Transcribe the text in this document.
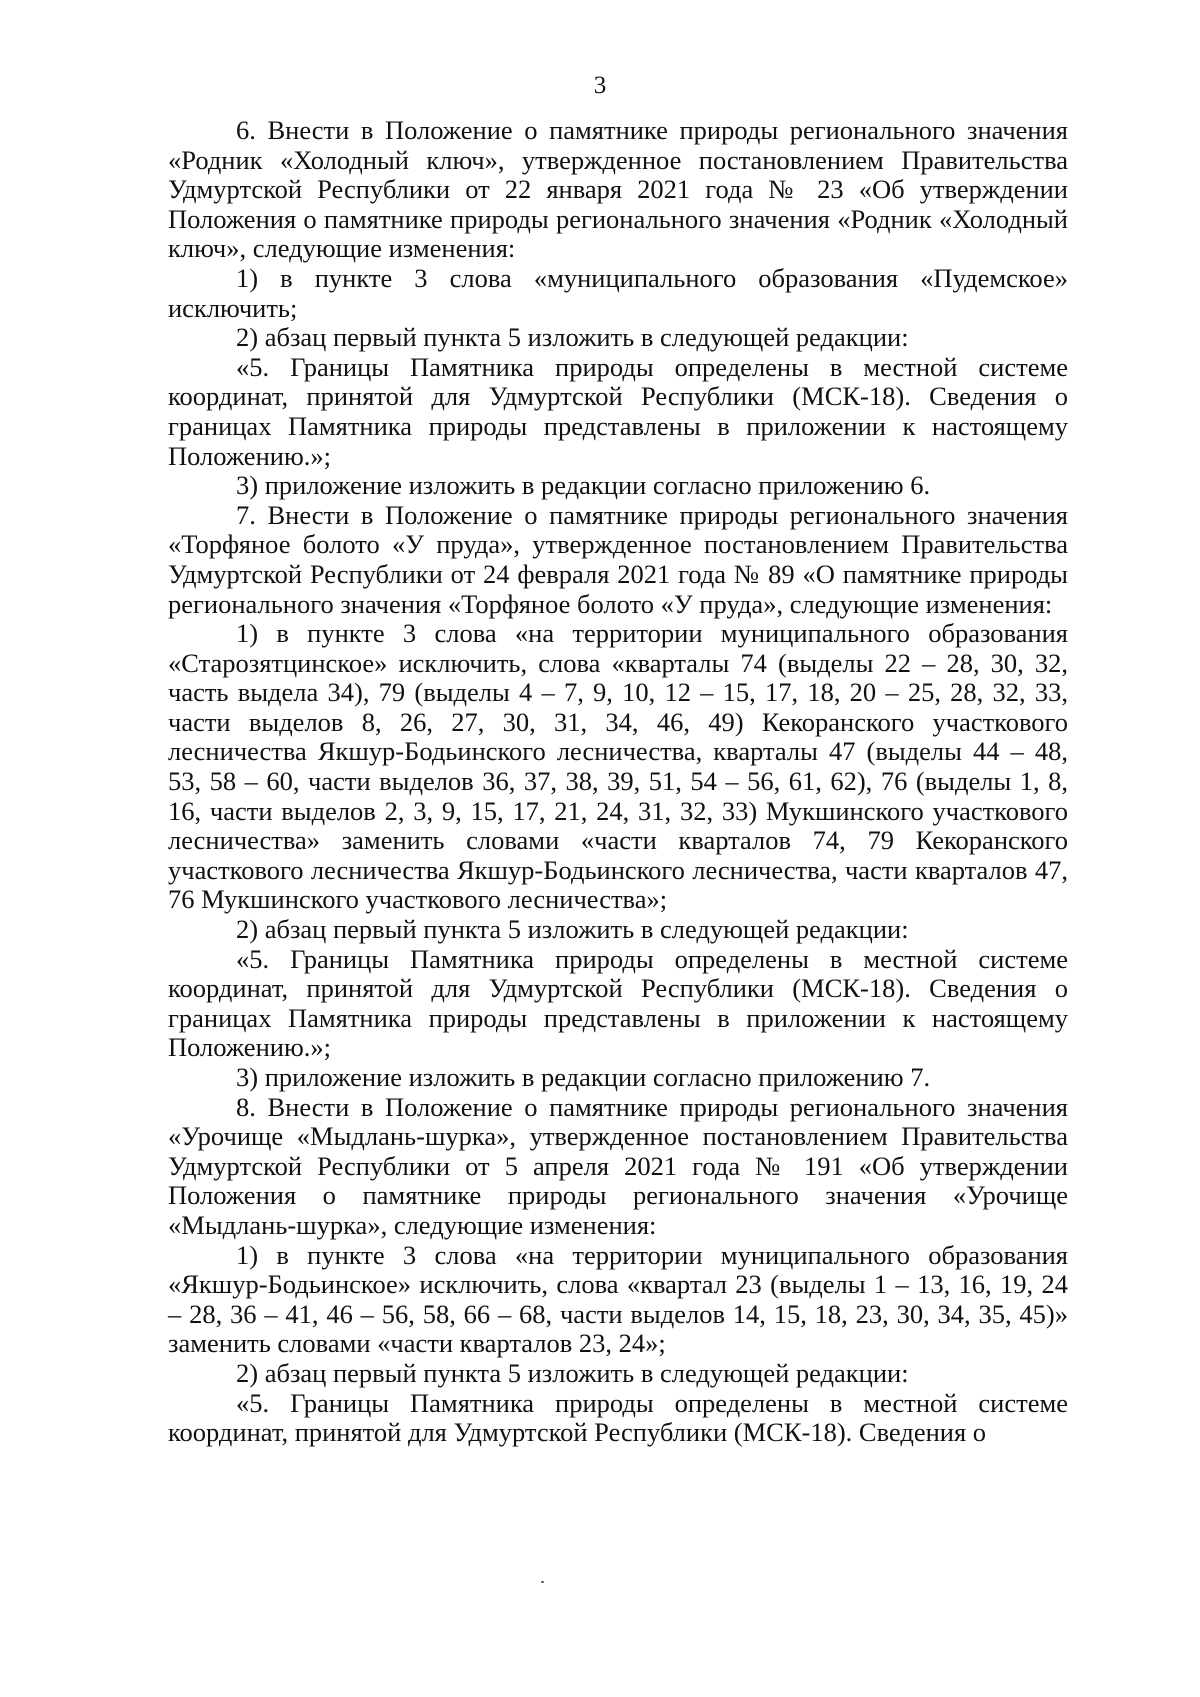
3

6. Внести в Положение о памятнике природы регионального значения «Родник «Холодный ключ», утвержденное постановлением Правительства Удмуртской Республики от 22 января 2021 года № 23 «Об утверждении Положения о памятнике природы регионального значения «Родник «Холодный ключ», следующие изменения:

1) в пункте 3 слова «муниципального образования «Пудемское» исключить;

2) абзац первый пункта 5 изложить в следующей редакции:

«5. Границы Памятника природы определены в местной системе координат, принятой для Удмуртской Республики (МСК-18). Сведения о границах Памятника природы представлены в приложении к настоящему Положению.»;

3) приложение изложить в редакции согласно приложению 6.

7. Внести в Положение о памятнике природы регионального значения «Торфяное болото «У пруда», утвержденное постановлением Правительства Удмуртской Республики от 24 февраля 2021 года № 89 «О памятнике природы регионального значения «Торфяное болото «У пруда», следующие изменения:

1) в пункте 3 слова «на территории муниципального образования «Старозятцинское» исключить, слова «кварталы 74 (выделы 22 – 28, 30, 32, часть выдела 34), 79 (выделы 4 – 7, 9, 10, 12 – 15, 17, 18, 20 – 25, 28, 32, 33, части выделов 8, 26, 27, 30, 31, 34, 46, 49) Кекоранского участкового лесничества Якшур-Бодьинского лесничества, кварталы 47 (выделы 44 – 48, 53, 58 – 60, части выделов 36, 37, 38, 39, 51, 54 – 56, 61, 62), 76 (выделы 1, 8, 16, части выделов 2, 3, 9, 15, 17, 21, 24, 31, 32, 33) Мукшинского участкового лесничества» заменить словами «части кварталов 74, 79 Кекоранского участкового лесничества Якшур-Бодьинского лесничества, части кварталов 47, 76 Мукшинского участкового лесничества»;

2) абзац первый пункта 5 изложить в следующей редакции:

«5. Границы Памятника природы определены в местной системе координат, принятой для Удмуртской Республики (МСК-18). Сведения о границах Памятника природы представлены в приложении к настоящему Положению.»;

3) приложение изложить в редакции согласно приложению 7.

8. Внести в Положение о памятнике природы регионального значения «Урочище «Мыдлань-шурка», утвержденное постановлением Правительства Удмуртской Республики от 5 апреля 2021 года № 191 «Об утверждении Положения о памятнике природы регионального значения «Урочище «Мыдлань-шурка», следующие изменения:

1) в пункте 3 слова «на территории муниципального образования «Якшур-Бодьинское» исключить, слова «квартал 23 (выделы 1 – 13, 16, 19, 24 – 28, 36 – 41, 46 – 56, 58, 66 – 68, части выделов 14, 15, 18, 23, 30, 34, 35, 45)» заменить словами «части кварталов 23, 24»;

2) абзац первый пункта 5 изложить в следующей редакции:

«5. Границы Памятника природы определены в местной системе координат, принятой для Удмуртской Республики (МСК-18). Сведения о
